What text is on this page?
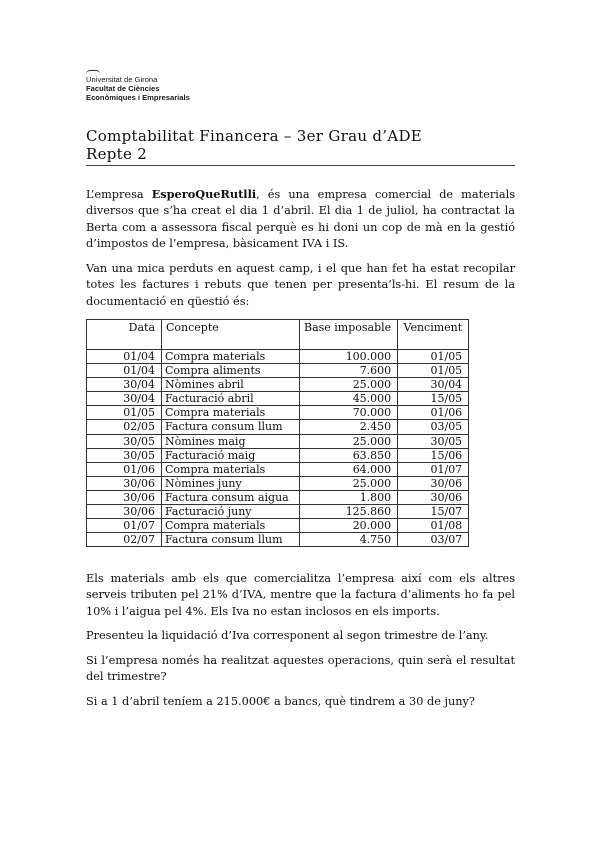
Universitat de Girona
Facultat de Ciències
Econòmiques i Empresarials
Comptabilitat Financera – 3er Grau d’ADE
Repte 2

L’empresa EsperoQueRutlli, és una empresa comercial de materials diversos que s’ha creat el dia 1 d’abril. El dia 1 de juliol, ha contractat la Berta com a assessora fiscal perquè es hi doni un cop de mà en la gestió d’impostos de l’empresa, bàsicament IVA i IS.

Van una mica perduts en aquest camp, i el que han fet ha estat recopilar totes les factures i rebuts que tenen per presenta’ls-hi. El resum de la documentació en qüestió és:

Data	Concepte	Base imposable	Venciment
01/04	Compra materials	100.000	01/05
01/04	Compra aliments	7.600	01/05
30/04	Nòmines abril	25.000	30/04
30/04	Facturació abril	45.000	15/05
01/05	Compra materials	70.000	01/06
02/05	Factura consum llum	2.450	03/05
30/05	Nòmines maig	25.000	30/05
30/05	Facturació maig	63.850	15/06
01/06	Compra materials	64.000	01/07
30/06	Nòmines juny	25.000	30/06
30/06	Factura consum aigua	1.800	30/06
30/06	Facturació juny	125.860	15/07
01/07	Compra materials	20.000	01/08
02/07	Factura consum llum	4.750	03/07

Els materials amb els que comercialitza l’empresa així com els altres serveis tributen pel 21% d’IVA, mentre que la factura d’aliments ho fa pel 10% i l’aigua pel 4%. Els Iva no estan inclosos en els imports.

Presenteu la liquidació d’Iva corresponent al segon trimestre de l’any.

Si l’empresa només ha realitzat aquestes operacions, quin serà el resultat del trimestre?

Si a 1 d’abril teníem a 215.000€ a bancs, què tindrem a 30 de juny?
